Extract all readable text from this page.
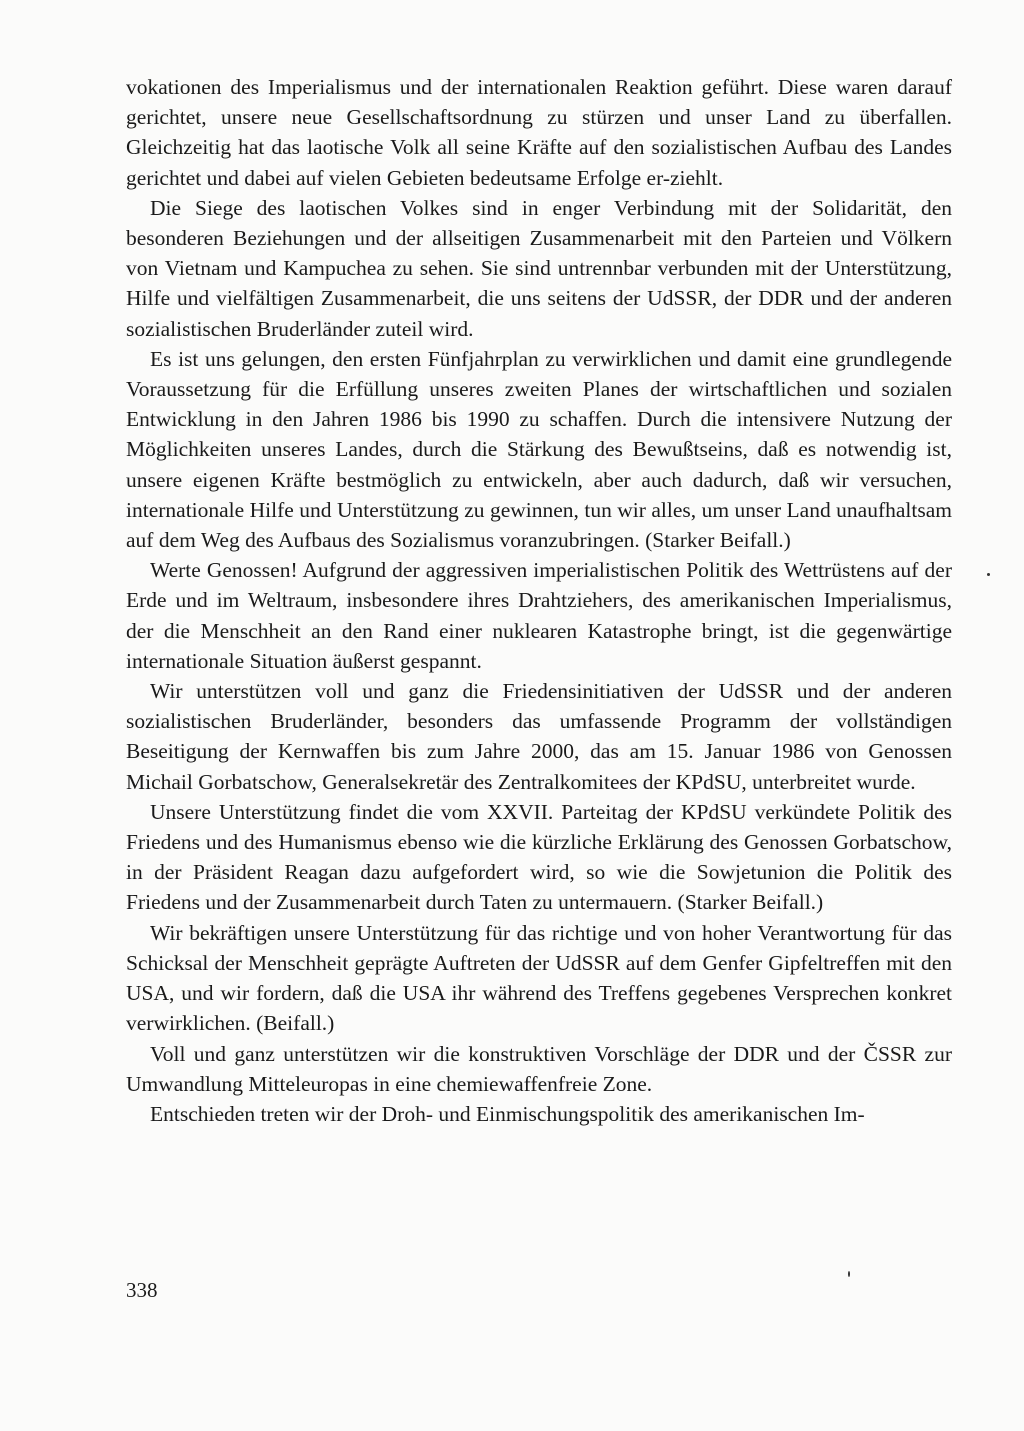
vokationen des Imperialismus und der internationalen Reaktion geführt. Diese waren darauf gerichtet, unsere neue Gesellschaftsordnung zu stürzen und unser Land zu überfallen. Gleichzeitig hat das laotische Volk all seine Kräfte auf den sozialistischen Aufbau des Landes gerichtet und dabei auf vielen Gebieten bedeutsame Erfolge er-ziehlt.

Die Siege des laotischen Volkes sind in enger Verbindung mit der Solidarität, den besonderen Beziehungen und der allseitigen Zusammenarbeit mit den Parteien und Völkern von Vietnam und Kampuchea zu sehen. Sie sind untrennbar verbunden mit der Unterstützung, Hilfe und vielfältigen Zusammenarbeit, die uns seitens der UdSSR, der DDR und der anderen sozialistischen Bruderländer zuteil wird.

Es ist uns gelungen, den ersten Fünfjahrplan zu verwirklichen und damit eine grundlegende Voraussetzung für die Erfüllung unseres zweiten Planes der wirtschaftlichen und sozialen Entwicklung in den Jahren 1986 bis 1990 zu schaffen. Durch die intensivere Nutzung der Möglichkeiten unseres Landes, durch die Stärkung des Bewußtseins, daß es notwendig ist, unsere eigenen Kräfte bestmöglich zu entwickeln, aber auch dadurch, daß wir versuchen, internationale Hilfe und Unterstützung zu gewinnen, tun wir alles, um unser Land unaufhaltsam auf dem Weg des Aufbaus des Sozialismus voranzubringen. (Starker Beifall.)

Werte Genossen! Aufgrund der aggressiven imperialistischen Politik des Wettrüstens auf der Erde und im Weltraum, insbesondere ihres Drahtziehers, des amerikanischen Imperialismus, der die Menschheit an den Rand einer nuklearen Katastrophe bringt, ist die gegenwärtige internationale Situation äußerst gespannt.

Wir unterstützen voll und ganz die Friedensinitiativen der UdSSR und der anderen sozialistischen Bruderländer, besonders das umfassende Programm der vollständigen Beseitigung der Kernwaffen bis zum Jahre 2000, das am 15. Januar 1986 von Genossen Michail Gorbatschow, Generalsekretär des Zentralkomitees der KPdSU, unterbreitet wurde.

Unsere Unterstützung findet die vom XXVII. Parteitag der KPdSU verkündete Politik des Friedens und des Humanismus ebenso wie die kürzliche Erklärung des Genossen Gorbatschow, in der Präsident Reagan dazu aufgefordert wird, so wie die Sowjetunion die Politik des Friedens und der Zusammenarbeit durch Taten zu untermauern. (Starker Beifall.)

Wir bekräftigen unsere Unterstützung für das richtige und von hoher Verantwortung für das Schicksal der Menschheit geprägte Auftreten der UdSSR auf dem Genfer Gipfeltreffen mit den USA, und wir fordern, daß die USA ihr während des Treffens gegebenes Versprechen konkret verwirklichen. (Beifall.)

Voll und ganz unterstützen wir die konstruktiven Vorschläge der DDR und der ČSSR zur Umwandlung Mitteleuropas in eine chemiewaffenfreie Zone.

Entschieden treten wir der Droh- und Einmischungspolitik des amerikanischen Im-

338
